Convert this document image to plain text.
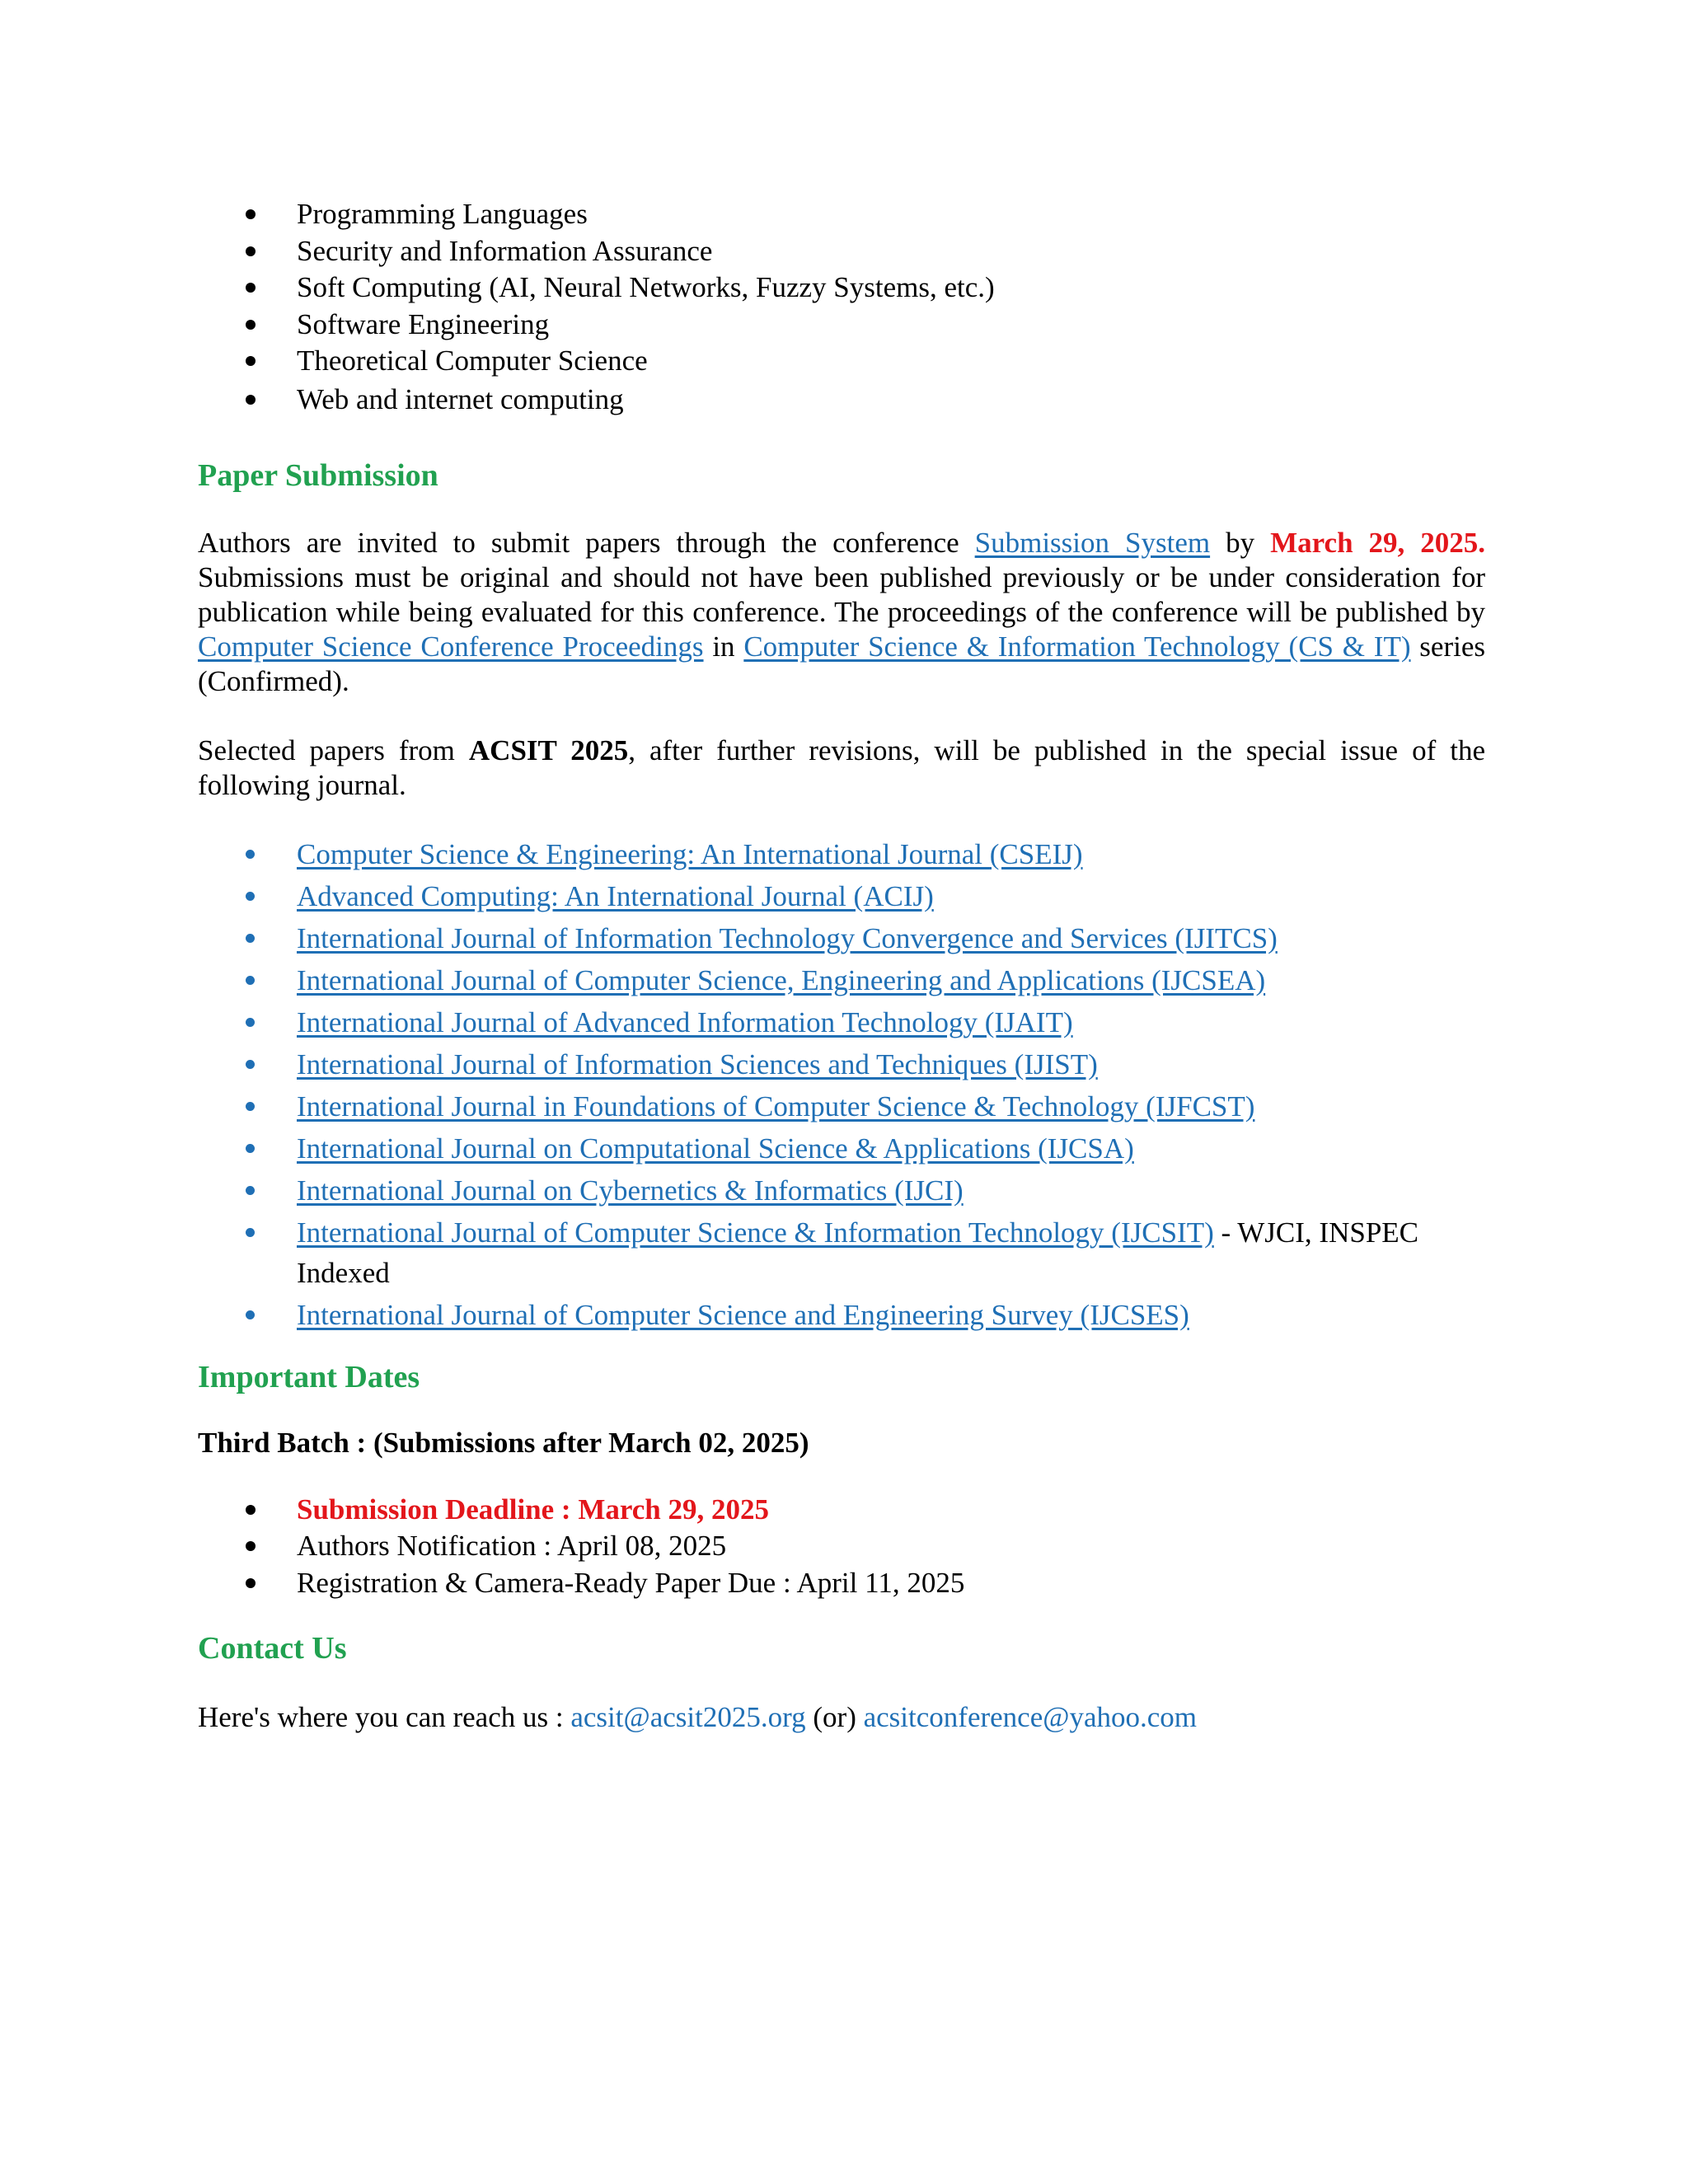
Programming Languages
Security and Information Assurance
Soft Computing (AI, Neural Networks, Fuzzy Systems, etc.)
Software Engineering
Theoretical Computer Science
Web and internet computing
Paper Submission

Authors are invited to submit papers through the conference Submission System by March 29, 2025. Submissions must be original and should not have been published previously or be under consideration for publication while being evaluated for this conference. The proceedings of the conference will be published by Computer Science Conference Proceedings in Computer Science & Information Technology (CS & IT) series (Confirmed).

Selected papers from ACSIT 2025, after further revisions, will be published in the special issue of the following journal.

Computer Science & Engineering: An International Journal (CSEIJ)
Advanced Computing: An International Journal (ACIJ)
International Journal of Information Technology Convergence and Services (IJITCS)
International Journal of Computer Science, Engineering and Applications (IJCSEA)
International Journal of Advanced Information Technology (IJAIT)
International Journal of Information Sciences and Techniques (IJIST)
International Journal in Foundations of Computer Science & Technology (IJFCST)
International Journal on Computational Science & Applications (IJCSA)
International Journal on Cybernetics & Informatics (IJCI)
International Journal of Computer Science & Information Technology (IJCSIT) - WJCI, INSPEC Indexed
International Journal of Computer Science and Engineering Survey (IJCSES)
Important Dates

Third Batch : (Submissions after March 02, 2025)

Submission Deadline : March 29, 2025
Authors Notification : April 08, 2025
Registration & Camera-Ready Paper Due : April 11, 2025
Contact Us

Here's where you can reach us : acsit@acsit2025.org (or) acsitconference@yahoo.com
